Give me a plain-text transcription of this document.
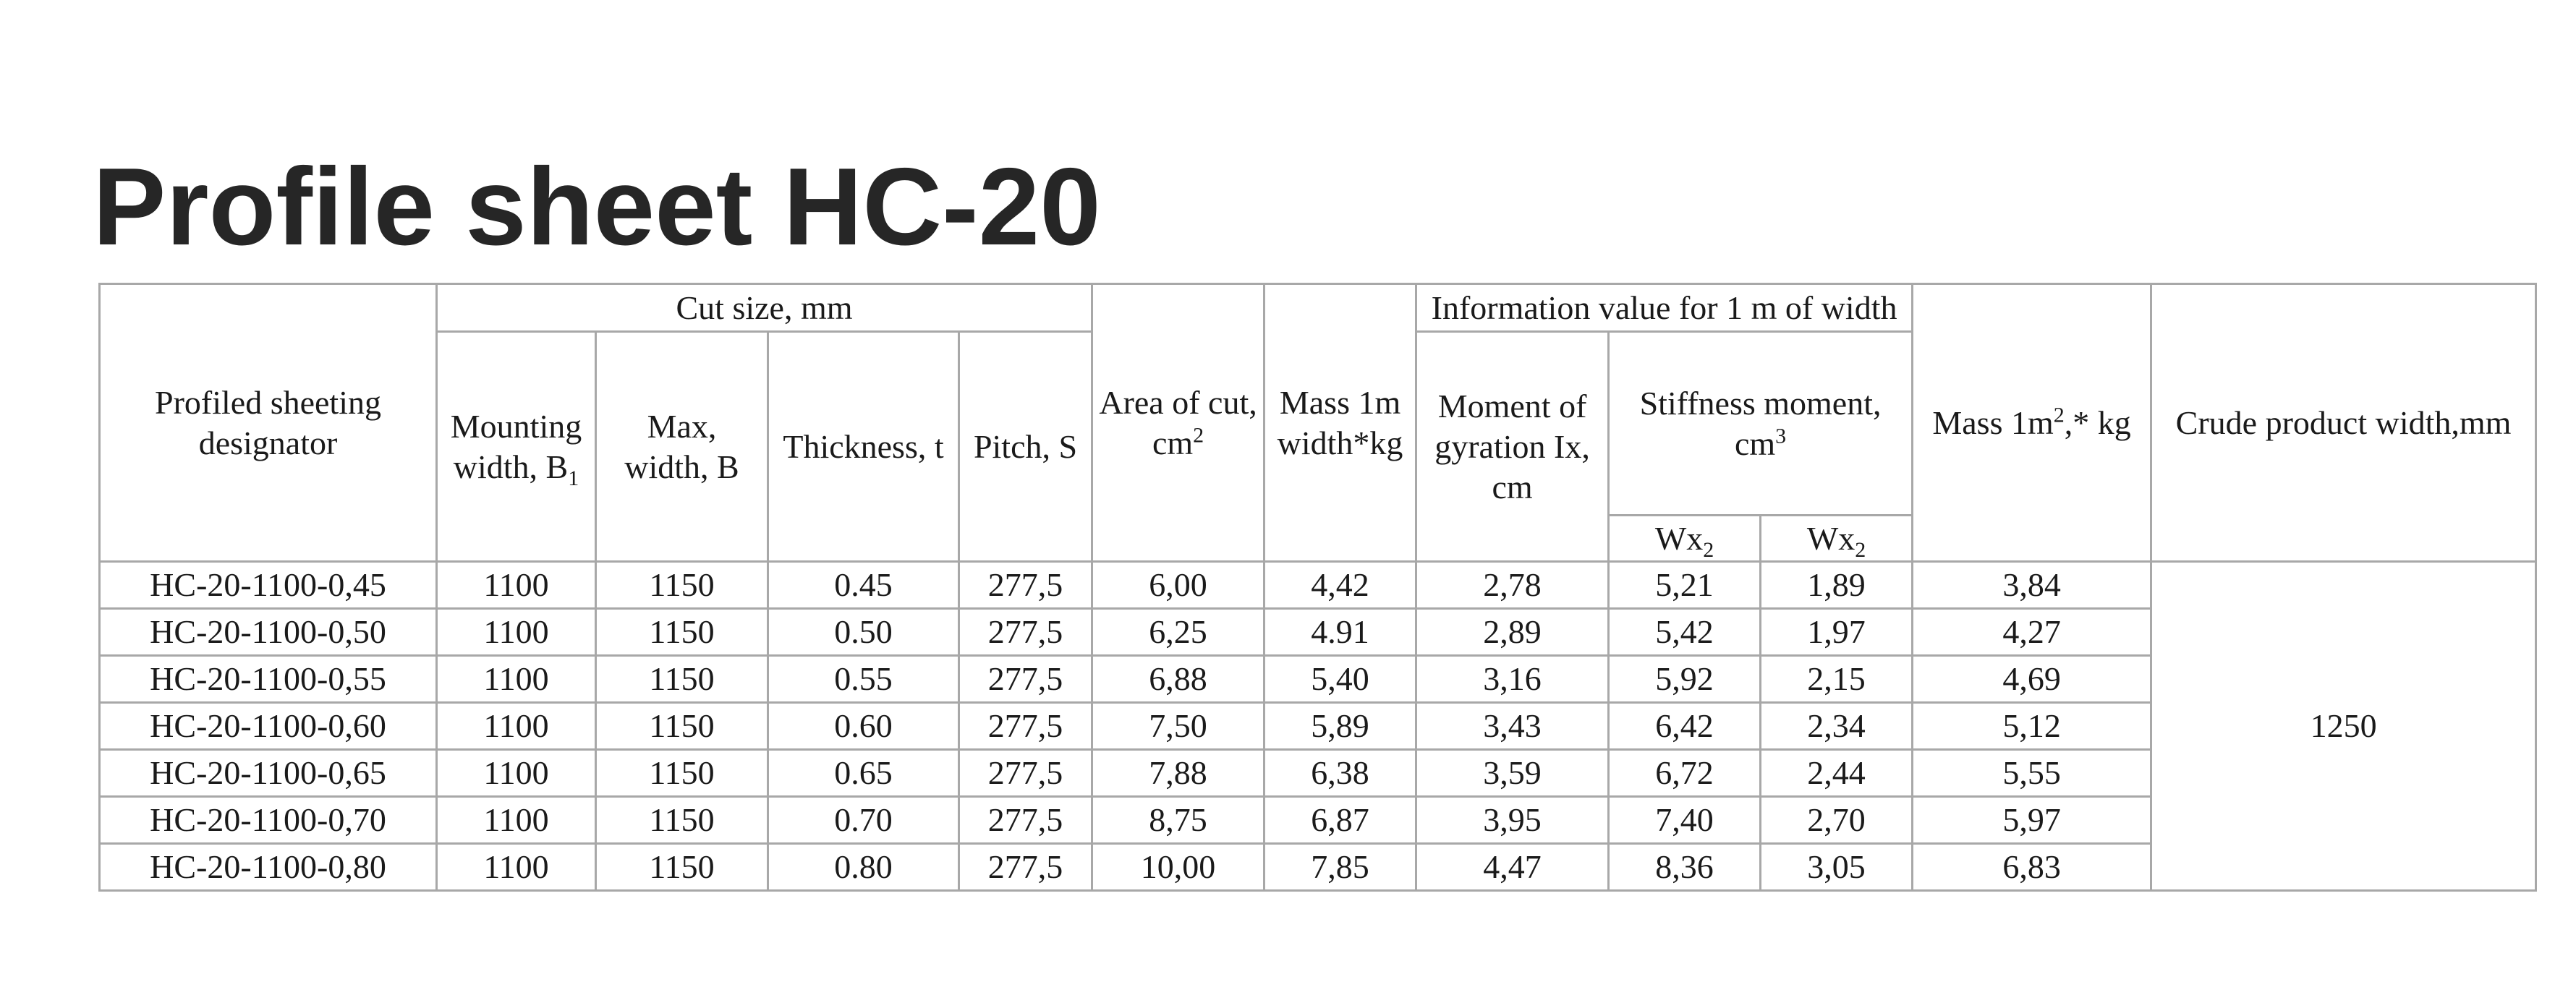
Profile sheet HC-20
Profiled sheeting designator	Cut size, mm				Area of cut, $cm^2$	Mass 1m width*kg	Information value for 1 m of width			Mass $1m^2,*$ kg	Crude product width,mm
	Mounting width, $B_1$	Max, width, B	Thickness, t	Pitch, S			Moment of gyration Ix, cm	Stiffness moment, $cm^3$
								$Wx_2$	$Wx_2$
HC-20-1100-0,45	1100	1150	0.45	277,5	6,00	4,42	2,78	5,21	1,89	3,84	1250
HC-20-1100-0,50	1100	1150	0.50	277,5	6,25	4.91	2,89	5,42	1,97	4,27	
HC-20-1100-0,55	1100	1150	0.55	277,5	6,88	5,40	3,16	5,92	2,15	4,69	
HC-20-1100-0,60	1100	1150	0.60	277,5	7,50	5,89	3,43	6,42	2,34	5,12	
HC-20-1100-0,65	1100	1150	0.65	277,5	7,88	6,38	3,59	6,72	2,44	5,55	
HC-20-1100-0,70	1100	1150	0.70	277,5	8,75	6,87	3,95	7,40	2,70	5,97	
HC-20-1100-0,80	1100	1150	0.80	277,5	10,00	7,85	4,47	8,36	3,05	6,83	
